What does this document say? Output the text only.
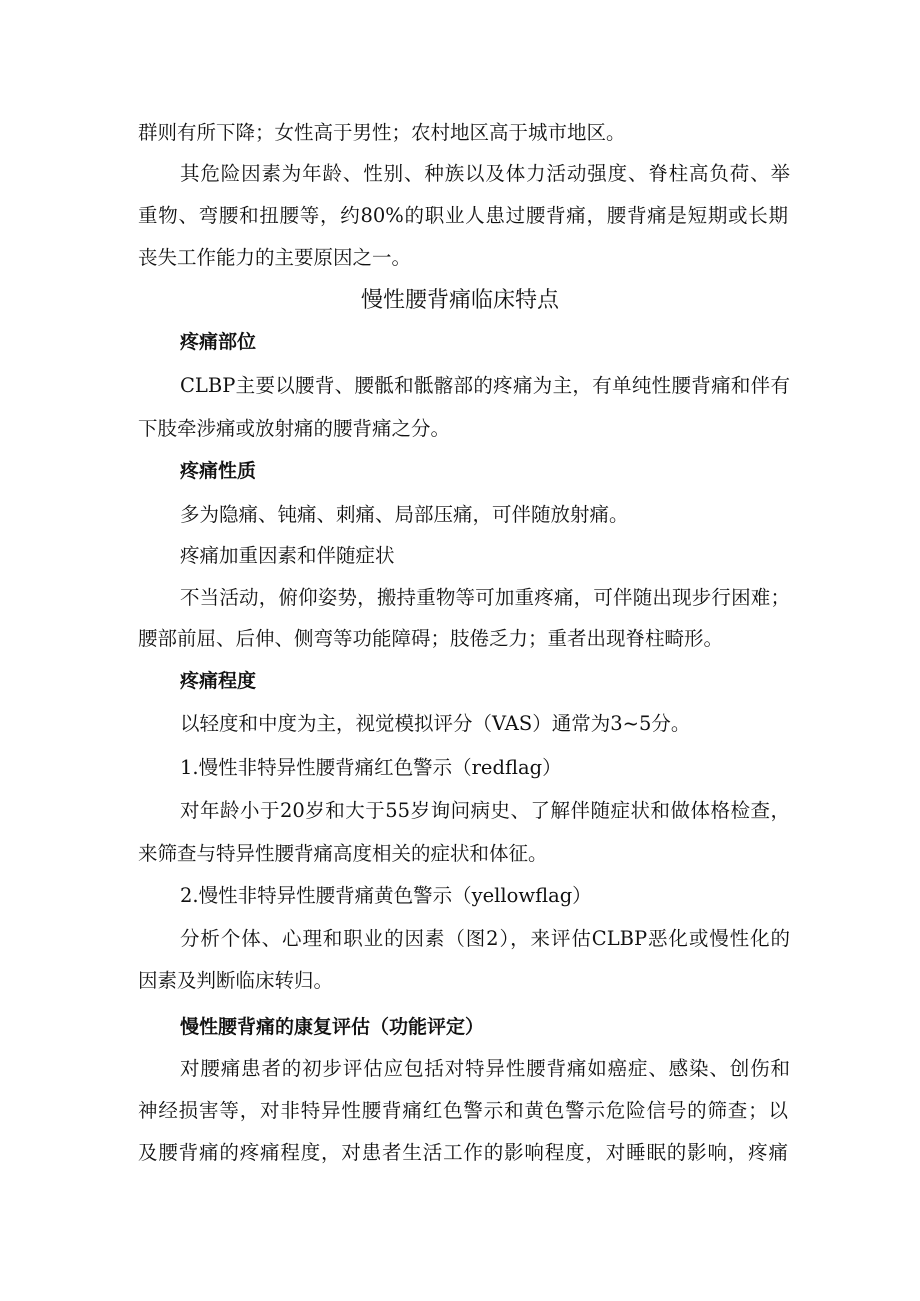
群则有所下降；女性高于男性；农村地区高于城市地区。
其危险因素为年龄、性别、种族以及体力活动强度、脊柱高负荷、举
重物、弯腰和扭腰等，约80%的职业人患过腰背痛，腰背痛是短期或长期
丧失工作能力的主要原因之一。
慢性腰背痛临床特点
疼痛部位
CLBP主要以腰背、腰骶和骶髂部的疼痛为主，有单纯性腰背痛和伴有
下肢牵涉痛或放射痛的腰背痛之分。
疼痛性质
多为隐痛、钝痛、刺痛、局部压痛，可伴随放射痛。
疼痛加重因素和伴随症状
不当活动，俯仰姿势，搬持重物等可加重疼痛，可伴随出现步行困难；
腰部前屈、后伸、侧弯等功能障碍；肢倦乏力；重者出现脊柱畸形。
疼痛程度
以轻度和中度为主，视觉模拟评分（VAS）通常为3~5分。
1.慢性非特异性腰背痛红色警示（redflag）
对年龄小于20岁和大于55岁询问病史、了解伴随症状和做体格检查，
来筛查与特异性腰背痛高度相关的症状和体征。
2.慢性非特异性腰背痛黄色警示（yellowflag）
分析个体、心理和职业的因素（图2），来评估CLBP恶化或慢性化的
因素及判断临床转归。
慢性腰背痛的康复评估（功能评定）
对腰痛患者的初步评估应包括对特异性腰背痛如癌症、感染、创伤和
神经损害等，对非特异性腰背痛红色警示和黄色警示危险信号的筛查；以
及腰背痛的疼痛程度，对患者生活工作的影响程度，对睡眠的影响，疼痛
